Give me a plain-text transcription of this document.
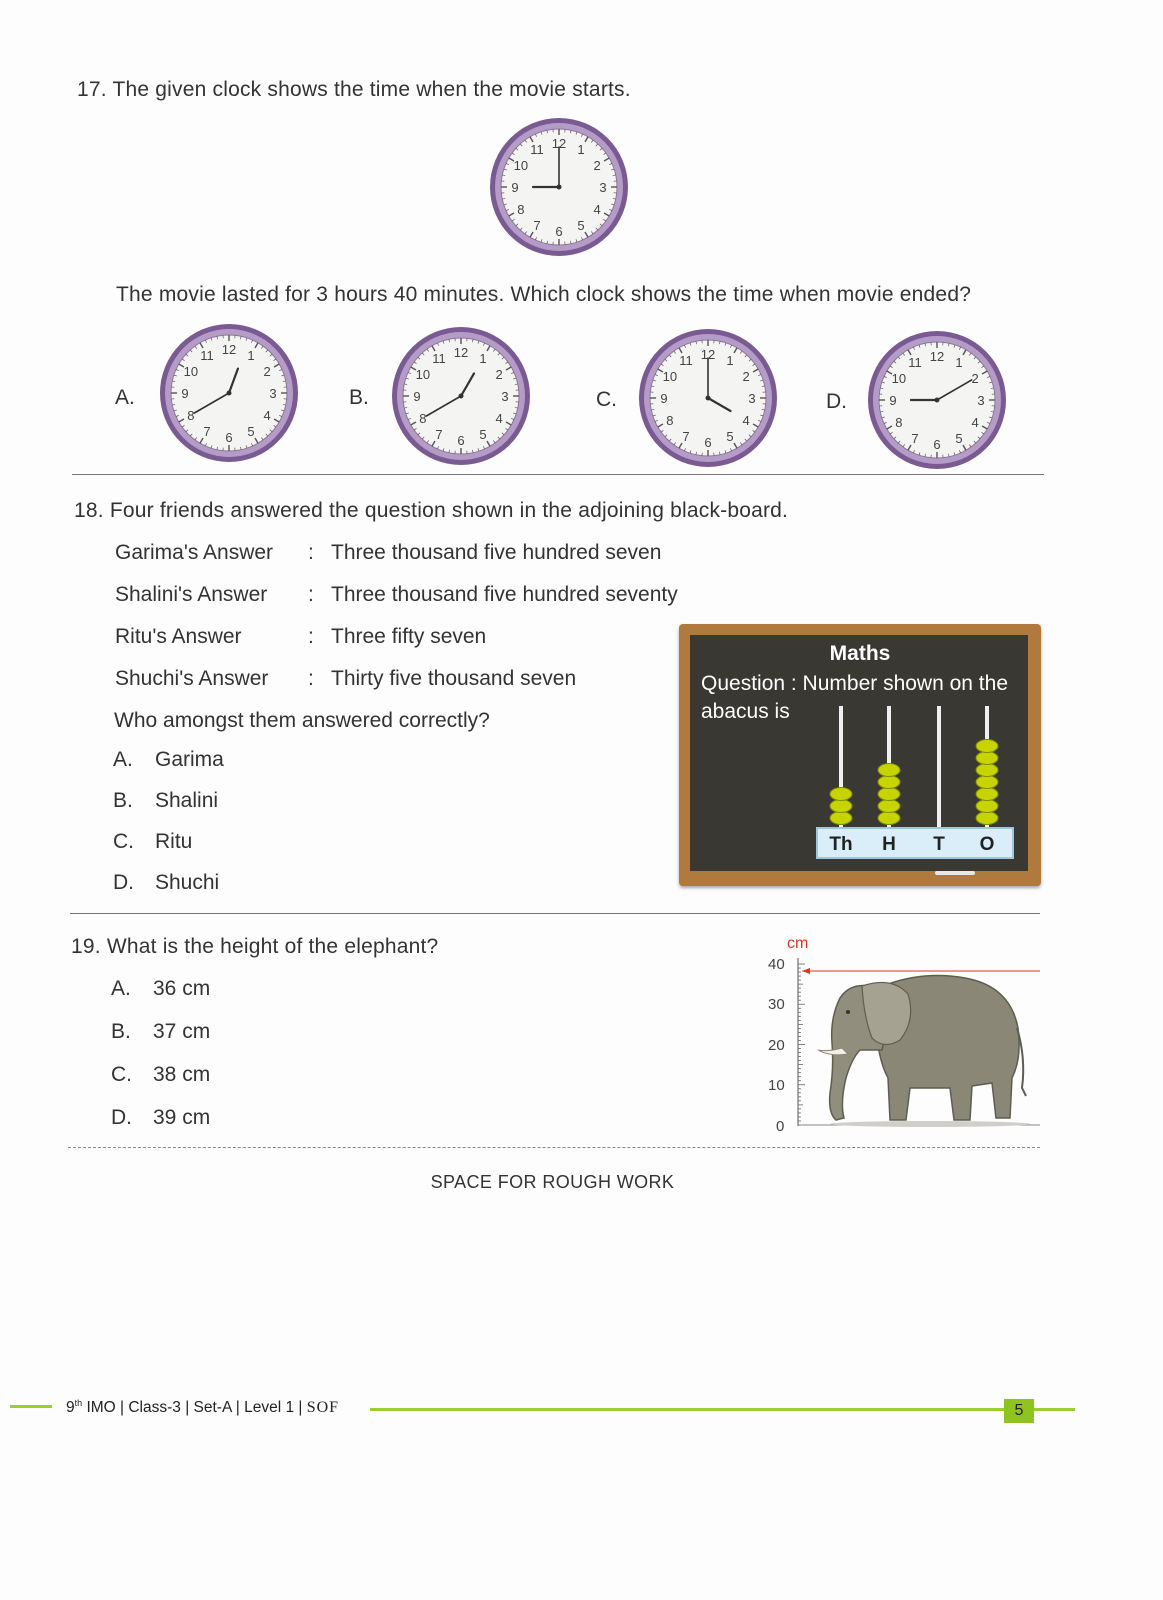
17. The given clock shows the time when the movie starts.
12 1
2
3
4
5
6
7
8
9
10
11
The movie lasted for 3 hours 40 minutes. Which clock shows the time when movie ended?
A.
12 1
2
3
4
5
6
7
8
9
10
11
B.
12 1
2
3
4
5
6
7
8
9
10
11
C.
12 1
2
3
4
5
6
7
8
9
10
11
D.
12 1
2
3
4
5
6
7
8
9
10
11
18. Four friends answered the question shown in the adjoining black-board.
Garima's Answer : Three thousand five hundred seven
Shalini's Answer : Three thousand five hundred seventy
Ritu's Answer	: Three fifty seven
Shuchi's Answer : Thirty five thousand seven
Who amongst them answered correctly?
A. Garima
B. Shalini
C. Ritu
D. Shuchi
Maths
Question : Number shown on the
abacus is
Th H T O
19. What is the height of the elephant?
A. 36 cm
B. 37 cm
C. 38 cm
D. 39 cm
cm
40
30
20
10
0
SPACE FOR ROUGH WORK
9th IMO | Class-3 | Set-A | Level 1 | SOF	5
